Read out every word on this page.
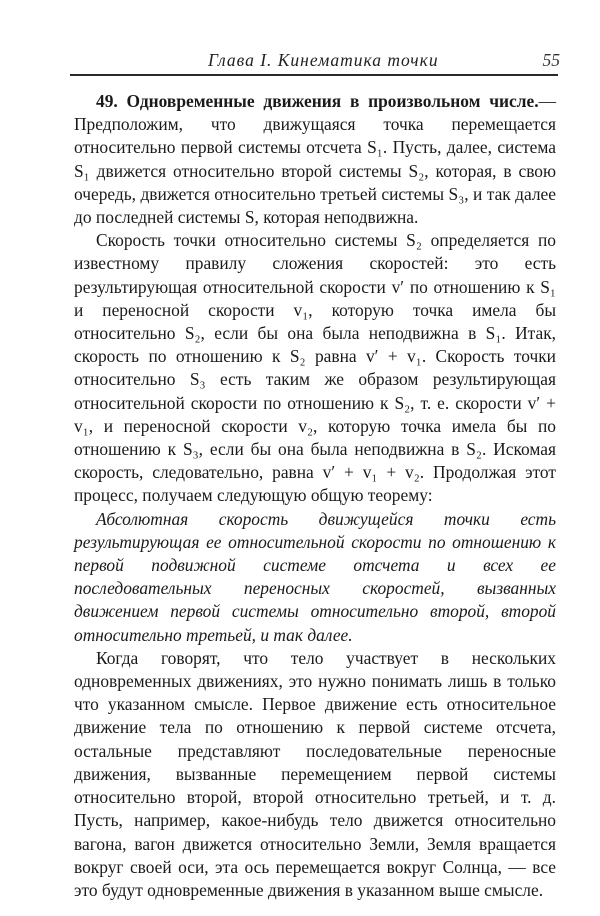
Глава I. Кинематика точки	55

49. Одновременные движения в произвольном числе.— Предположим, что движущаяся точка перемещается относительно первой системы отсчета S₁. Пусть, далее, система S₁ движется относительно второй системы S₂, которая, в свою очередь, движется относительно третьей системы S₃, и так далее до последней системы S, которая неподвижна.

Скорость точки относительно системы S₂ определяется по известному правилу сложения скоростей: это есть результирующая относительной скорости v′ по отношению к S₁ и переносной скорости v₁, которую точка имела бы относительно S₂, если бы она была неподвижна в S₁. Итак, скорость по отношению к S₂ равна v′ + v₁. Скорость точки относительно S₃ есть таким же образом результирующая относительной скорости по отношению к S₂, т. е. скорости v′ + v₁, и переносной скорости v₂, которую точка имела бы по отношению к S₃, если бы она была неподвижна в S₂. Искомая скорость, следовательно, равна v′ + v₁ + v₂. Продолжая этот процесс, получаем следующую общую теорему:

Абсолютная скорость движущейся точки есть результирующая ее относительной скорости по отношению к первой подвижной системе отсчета и всех ее последовательных переносных скоростей, вызванных движением первой системы относительно второй, второй относительно третьей, и так далее.

Когда говорят, что тело участвует в нескольких одновременных движениях, это нужно понимать лишь в только что указанном смысле. Первое движение есть относительное движение тела по отношению к первой системе отсчета, остальные представляют последовательные переносные движения, вызванные перемещением первой системы относительно второй, второй относительно третьей, и т. д. Пусть, например, какое-нибудь тело движется относительно вагона, вагон движется относительно Земли, Земля вращается вокруг своей оси, эта ось перемещается вокруг Солнца, — все это будут одновременные движения в указанном выше смысле.
